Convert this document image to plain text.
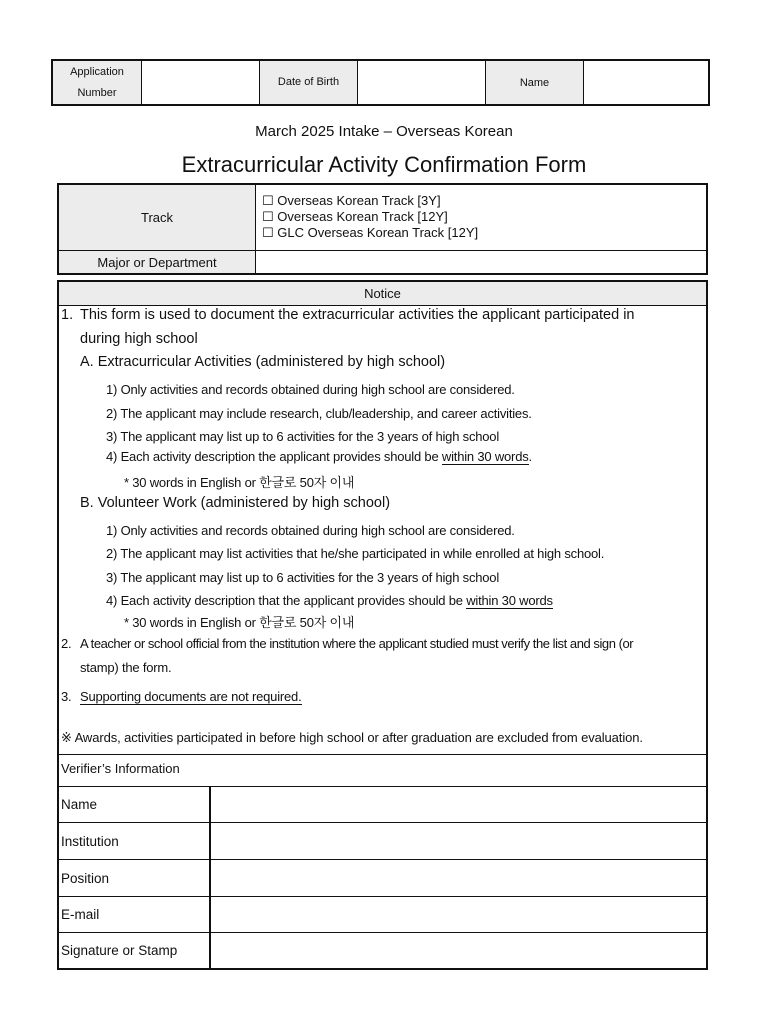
Application
Number
Date of Birth	Name
March 2025 Intake – Overseas Korean
Extracurricular Activity Confirmation Form
Track
☐ Overseas Korean Track [3Y]
☐ Overseas Korean Track [12Y]
☐ GLC Overseas Korean Track [12Y]
Major or Department
Notice
1. This form is used to document the extracurricular activities the applicant participated in
during high school
A. Extracurricular Activities (administered by high school)
1) Only activities and records obtained during high school are considered.
2) The applicant may include research, club/leadership, and career activities.
3) The applicant may list up to 6 activities for the 3 years of high school
4) Each activity description the applicant provides should be within 30 words.
* 30 words in English or 한글로 50자 이내
B. Volunteer Work (administered by high school)
1) Only activities and records obtained during high school are considered.
2) The applicant may list activities that he/she participated in while enrolled at high school.
3) The applicant may list up to 6 activities for the 3 years of high school
4) Each activity description that the applicant provides should be within 30 words
* 30 words in English or 한글로 50자 이내
2. A teacher or school official from the institution where the applicant studied must verify the list and sign (or
stamp) the form.
3. Supporting documents are not required.
※ Awards, activities participated in before high school or after graduation are excluded from evaluation.
Verifier’s Information
Name
Institution
Position
E-mail
Signature or Stamp
